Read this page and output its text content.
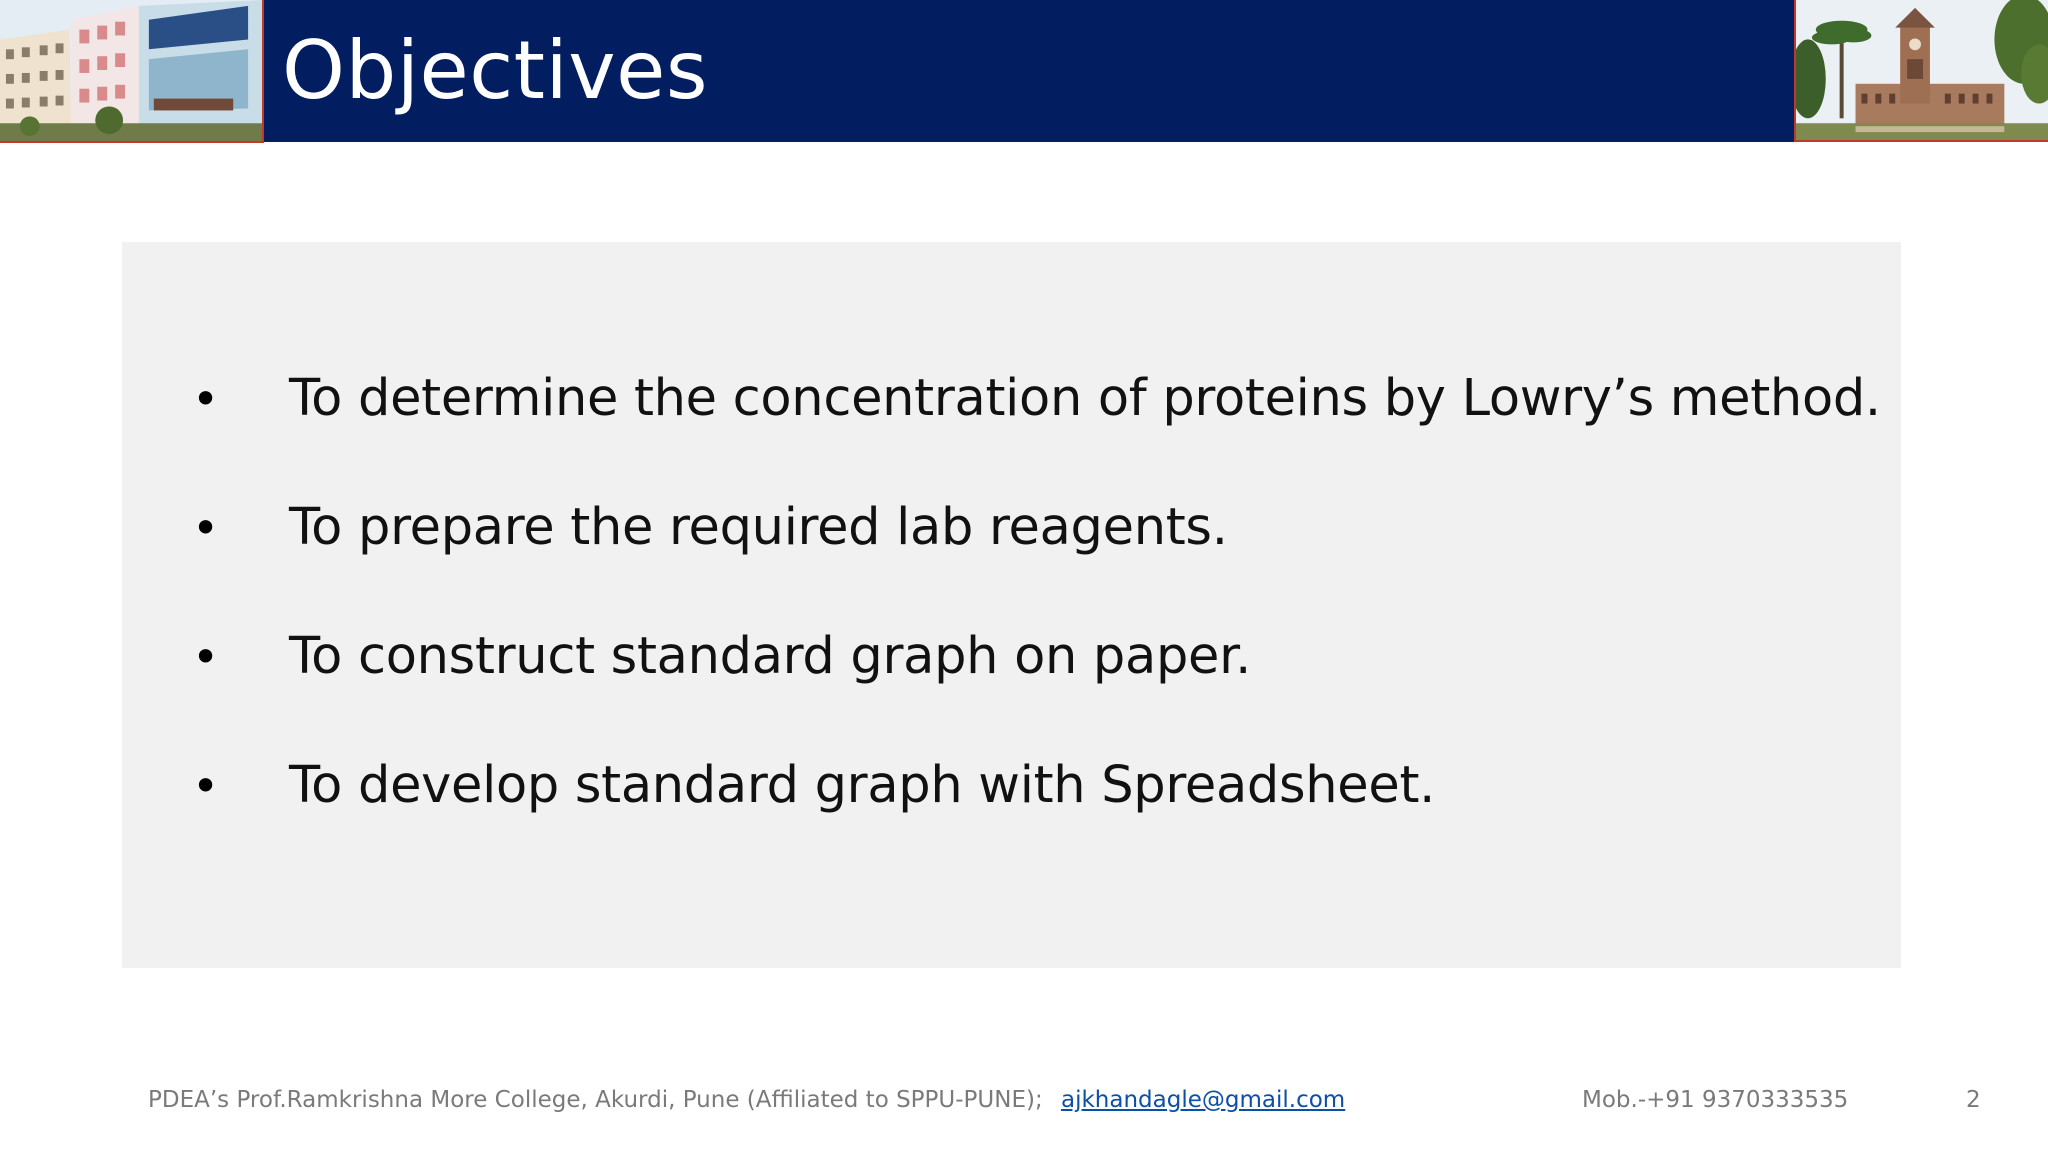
Objectives
• To determine the concentration of proteins by Lowry’s method.
• To prepare the required lab reagents.
• To construct standard graph on paper.
• To develop standard graph with Spreadsheet.
PDEA’s Prof.Ramkrishna More College, Akurdi, Pune (Affiliated to SPPU-PUNE); ajkhandagle@gmail.com	Mob.-+91 9370333535	2
